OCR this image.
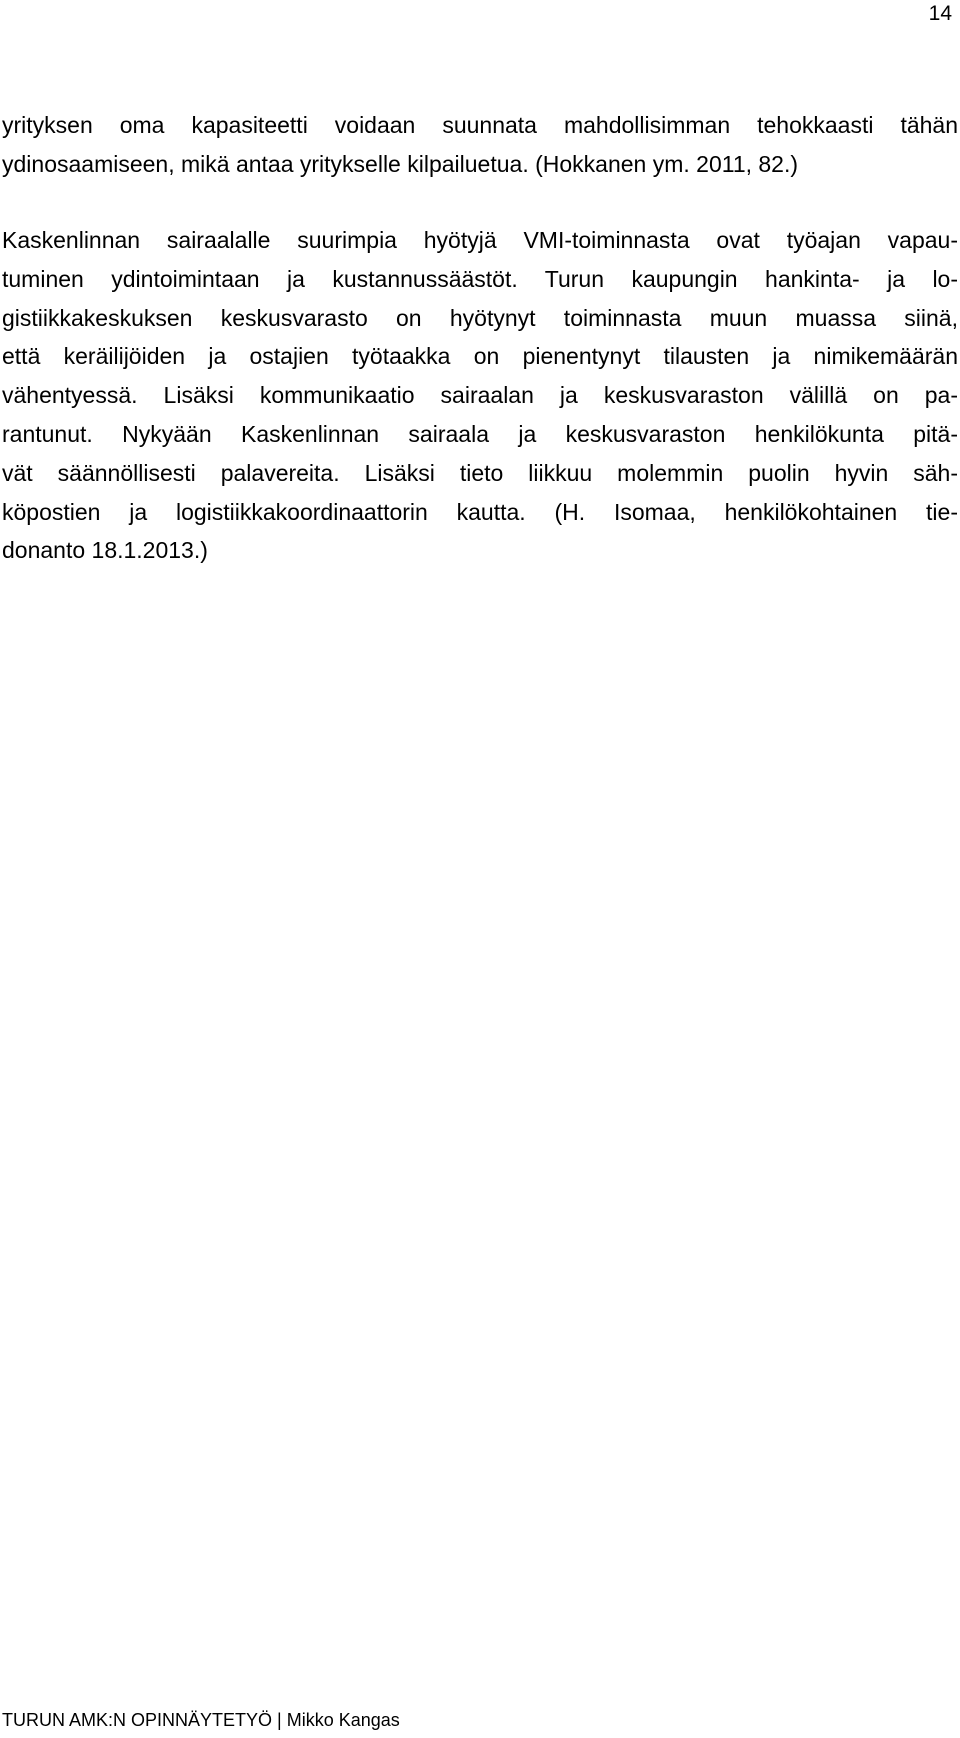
14
yrityksen oma kapasiteetti voidaan suunnata mahdollisimman tehokkaasti tähän
ydinosaamiseen, mikä antaa yritykselle kilpailuetua. (Hokkanen ym. 2011, 82.)
Kaskenlinnan sairaalalle suurimpia hyötyjä VMI-toiminnasta ovat työajan vapau-
tuminen ydintoimintaan ja kustannussäästöt. Turun kaupungin hankinta- ja lo-
gistiikkakeskuksen keskusvarasto on hyötynyt toiminnasta muun muassa siinä,
että keräilijöiden ja ostajien työtaakka on pienentynyt tilausten ja nimikemäärän
vähentyessä. Lisäksi kommunikaatio sairaalan ja keskusvaraston välillä on pa-
rantunut. Nykyään Kaskenlinnan sairaala ja keskusvaraston henkilökunta pitä-
vät säännöllisesti palavereita. Lisäksi tieto liikkuu molemmin puolin hyvin säh-
köpostien ja logistiikkakoordinaattorin kautta. (H. Isomaa, henkilökohtainen tie-
donanto 18.1.2013.)
TURUN AMK:N OPINNÄYTETYÖ | Mikko Kangas
